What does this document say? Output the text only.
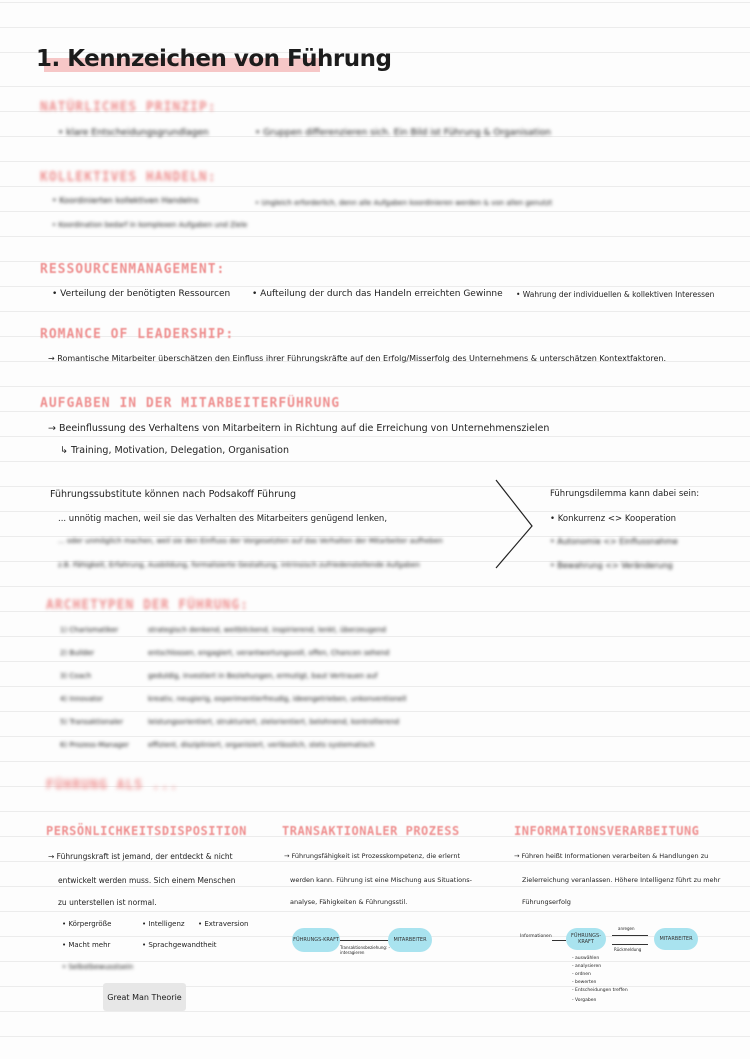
1. Kennzeichen von Führung
NATÜRLICHES PRINZIP:
• klare Entscheidungsgrundlagen	• Gruppen differenzieren sich. Ein Bild ist Führung & Organisation
KOLLEKTIVES HANDELN:
• Koordinierten kollektiven Handelns	• Ungleich erforderlich, denn alle Aufgaben koordinieren werden & von allen genutzt
• Koordination bedarf in komplexen Aufgaben und Ziele
RESSOURCENMANAGEMENT:
• Verteilung der benötigten Ressourcen • Aufteilung der durch das Handeln erreichten Gewinne • Wahrung der individuellen & kollektiven Interessen
ROMANCE OF LEADERSHIP:
→ Romantische Mitarbeiter überschätzen den Einfluss ihrer Führungskräfte auf den Erfolg/Misserfolg des Unternehmens & unterschätzen Kontextfaktoren.
AUFGABEN IN DER MITARBEITERFÜHRUNG
→ Beeinflussung des Verhaltens von Mitarbeitern in Richtung auf die Erreichung von Unternehmenszielen
↳ Training, Motivation, Delegation, Organisation
Führungssubstitute können nach Podsakoff Führung
... unnötig machen, weil sie das Verhalten des Mitarbeiters genügend lenken,
... oder unmöglich machen, weil sie den Einfluss der Vorgesetzten auf das Verhalten der Mitarbeiter aufheben
z.B. Fähigkeit, Erfahrung, Ausbildung, formalisierte Gestaltung, intrinsisch zufriedenstellende Aufgaben
Führungsdilemma kann dabei sein:
• Konkurrenz <> Kooperation
• Autonomie <> Einflussnahme
• Bewahrung <> Veränderung
ARCHETYPEN DER FÜHRUNG:
1) Charismatiker	strategisch denkend, weitblickend, inspirierend, lenkt, überzeugend
2) Builder	entschlossen, engagiert, verantwortungsvoll, offen, Chancen sehend
3) Coach	geduldig, investiert in Beziehungen, ermutigt, baut Vertrauen auf
4) Innovator	kreativ, neugierig, experimentierfreudig, ideengetrieben, unkonventionell
5) Transaktionaler	leistungsorientiert, strukturiert, zielorientiert, belohnend, kontrollierend
6) Prozess-Manager	effizient, diszipliniert, organisiert, verlässlich, stets systematisch
FÜHRUNG ALS ...
PERSÖNLICHKEITSDISPOSITION
→ Führungskraft ist jemand, der entdeckt & nicht
entwickelt werden muss. Sich einem Menschen
zu unterstellen ist normal.
• Körpergröße	• Intelligenz • Extraversion
• Macht mehr	• Sprachgewandtheit
• Selbstbewusstsein
Great Man Theorie
TRANSAKTIONALER PROZESS
→ Führungsfähigkeit ist Prozesskompetenz, die erlernt
werden kann. Führung ist eine Mischung aus Situations-
analyse, Fähigkeiten & Führungsstil.
FÜHRUNGS-KRAFT
Transaktionsbeziehung: - interagieren
MITARBEITER
INFORMATIONSVERARBEITUNG
→ Führen heißt Informationen verarbeiten & Handlungen zu
Zielerreichung veranlassen. Höhere Intelligenz führt zu mehr
Führungserfolg
Informationen	FÜHRUNGS-KRAFT
anregen
Rückmeldung
MITARBEITER
- auswählen
- analysieren
- ordnen
- bewerten
- Entscheidungen treffen
- Vorgaben
